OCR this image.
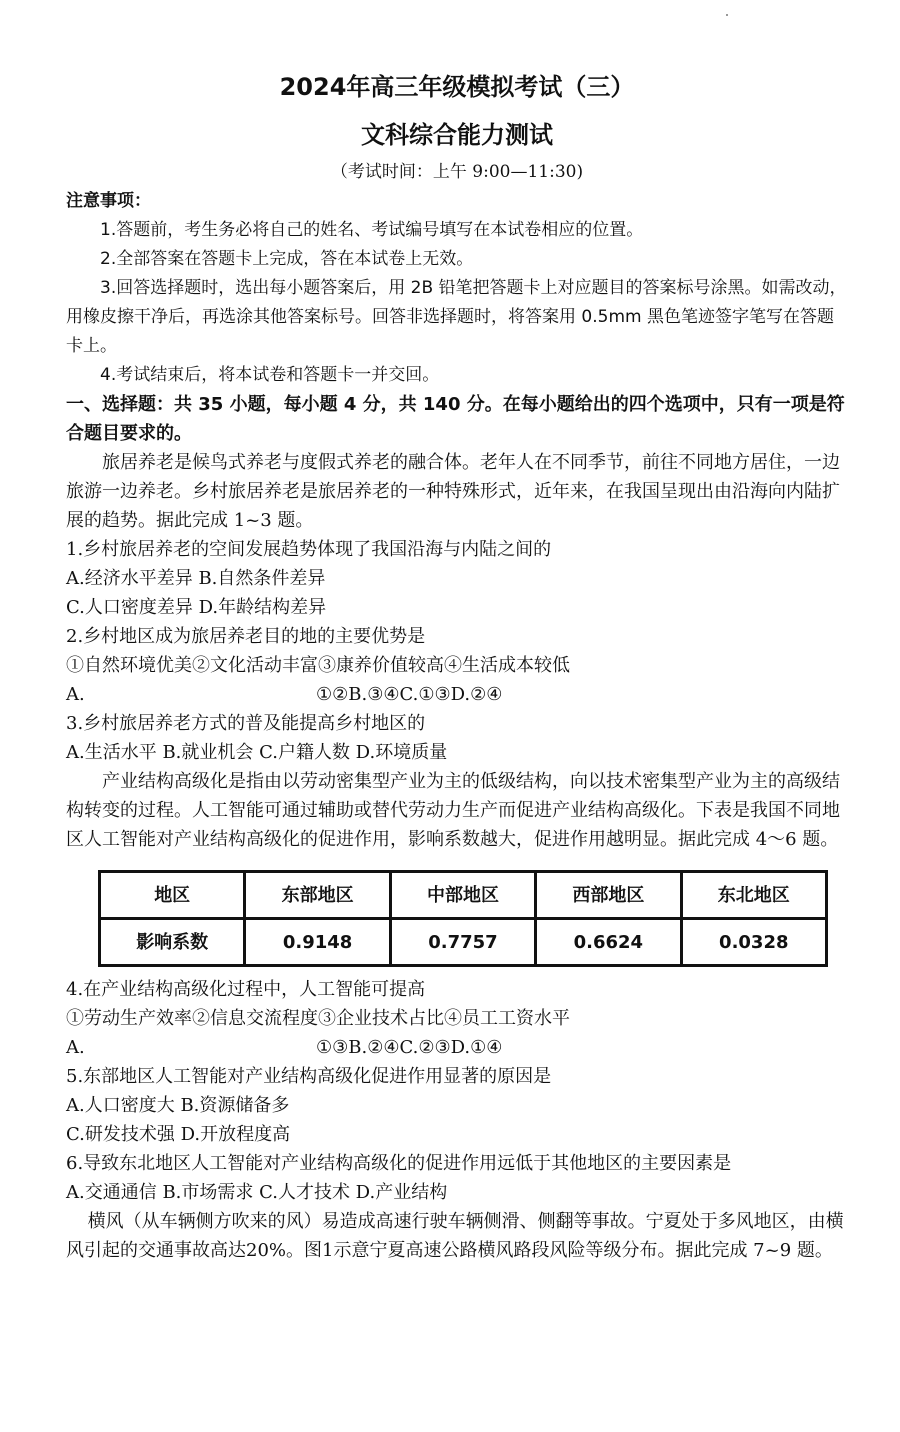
2024年高三年级模拟考试（三）
文科综合能力测试

（考试时间：上午 9:00—11:30)

注意事项：

1.答题前，考生务必将自己的姓名、考试编号填写在本试卷相应的位置。

2.全部答案在答题卡上完成，答在本试卷上无效。

3.回答选择题时，选出每小题答案后，用 2B 铅笔把答题卡上对应题目的答案标号涂黑。如需改动，用橡皮擦干净后，再选涂其他答案标号。回答非选择题时，将答案用 0.5mm 黑色笔迹签字笔写在答题卡上。

4.考试结束后，将本试卷和答题卡一并交回。

一、选择题：共 35 小题，每小题 4 分，共 140 分。在每小题给出的四个选项中，只有一项是符合题目要求的。

旅居养老是候鸟式养老与度假式养老的融合体。老年人在不同季节，前往不同地方居住，一边旅游一边养老。乡村旅居养老是旅居养老的一种特殊形式，近年来，在我国呈现出由沿海向内陆扩展的趋势。据此完成 1~3 题。

1.乡村旅居养老的空间发展趋势体现了我国沿海与内陆之间的

A.经济水平差异 B.自然条件差异

C.人口密度差异 D.年龄结构差异

2.乡村地区成为旅居养老目的地的主要优势是

①自然环境优美②文化活动丰富③康养价值较高④生活成本较低

A.	①②B.③④C.①③D.②④

3.乡村旅居养老方式的普及能提高乡村地区的

A.生活水平 B.就业机会 C.户籍人数 D.环境质量

产业结构高级化是指由以劳动密集型产业为主的低级结构，向以技术密集型产业为主的高级结构转变的过程。人工智能可通过辅助或替代劳动力生产而促进产业结构高级化。下表是我国不同地区人工智能对产业结构高级化的促进作用，影响系数越大，促进作用越明显。据此完成 4～6 题。

地区	东部地区	中部地区	西部地区	东北地区
影响系数	0.9148	0.7757	0.6624	0.0328

4.在产业结构高级化过程中，人工智能可提高

①劳动生产效率②信息交流程度③企业技术占比④员工工资水平

A.	①③B.②④C.②③D.①④

5.东部地区人工智能对产业结构高级化促进作用显著的原因是

A.人口密度大 B.资源储备多

C.研发技术强 D.开放程度高

6.导致东北地区人工智能对产业结构高级化的促进作用远低于其他地区的主要因素是

A.交通通信 B.市场需求 C.人才技术 D.产业结构

横风（从车辆侧方吹来的风）易造成高速行驶车辆侧滑、侧翻等事故。宁夏处于多风地区，由横风引起的交通事故高达20%。图1示意宁夏高速公路横风路段风险等级分布。据此完成 7~9 题。
